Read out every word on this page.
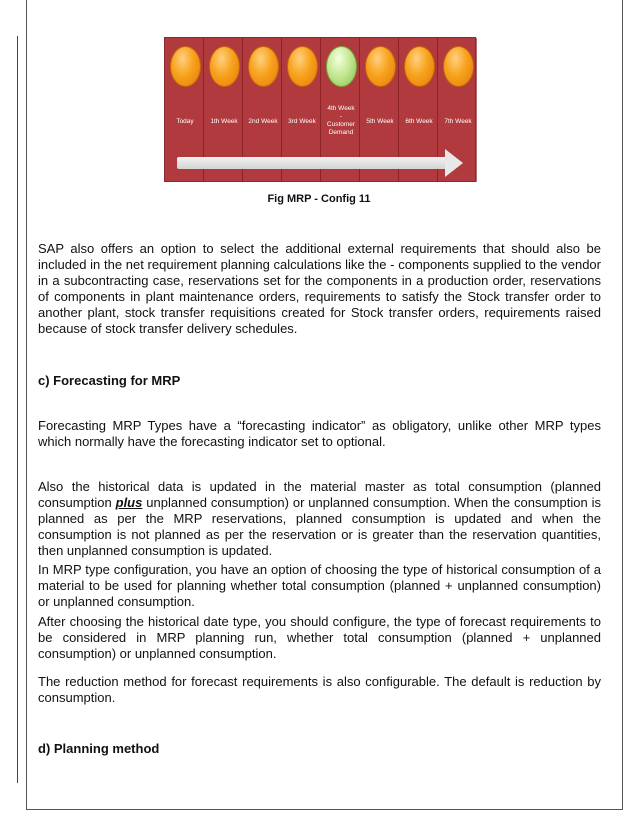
Today	1th Week	2nd Week	3rd Week
4th Week
-
Customer
Demand
5th Week	6th Week	7th Week
Fig MRP - Config 11

SAP also offers an option to select the additional external requirements that should also be included in the net requirement planning calculations like the - components supplied to the vendor in a subcontracting case, reservations set for the components in a production order, reservations of components in plant maintenance orders, requirements to satisfy the Stock transfer order to another plant, stock transfer requisitions created for Stock transfer orders, requirements raised because of stock transfer delivery schedules.

c) Forecasting for MRP

Forecasting MRP Types have a “forecasting indicator” as obligatory, unlike other MRP types which normally have the forecasting indicator set to optional.

Also the historical data is updated in the material master as total consumption (planned consumption plus unplanned consumption) or unplanned consumption. When the consumption is planned as per the MRP reservations, planned consumption is updated and when the consumption is not planned as per the reservation or is greater than the reservation quantities, then unplanned consumption is updated.

In MRP type configuration, you have an option of choosing the type of historical consumption of a material to be used for planning whether total consumption (planned + unplanned consumption) or unplanned consumption.

After choosing the historical date type, you should configure, the type of forecast requirements to be considered in MRP planning run, whether total consumption (planned + unplanned consumption) or unplanned consumption.

The reduction method for forecast requirements is also configurable. The default is reduction by consumption.

d) Planning method
